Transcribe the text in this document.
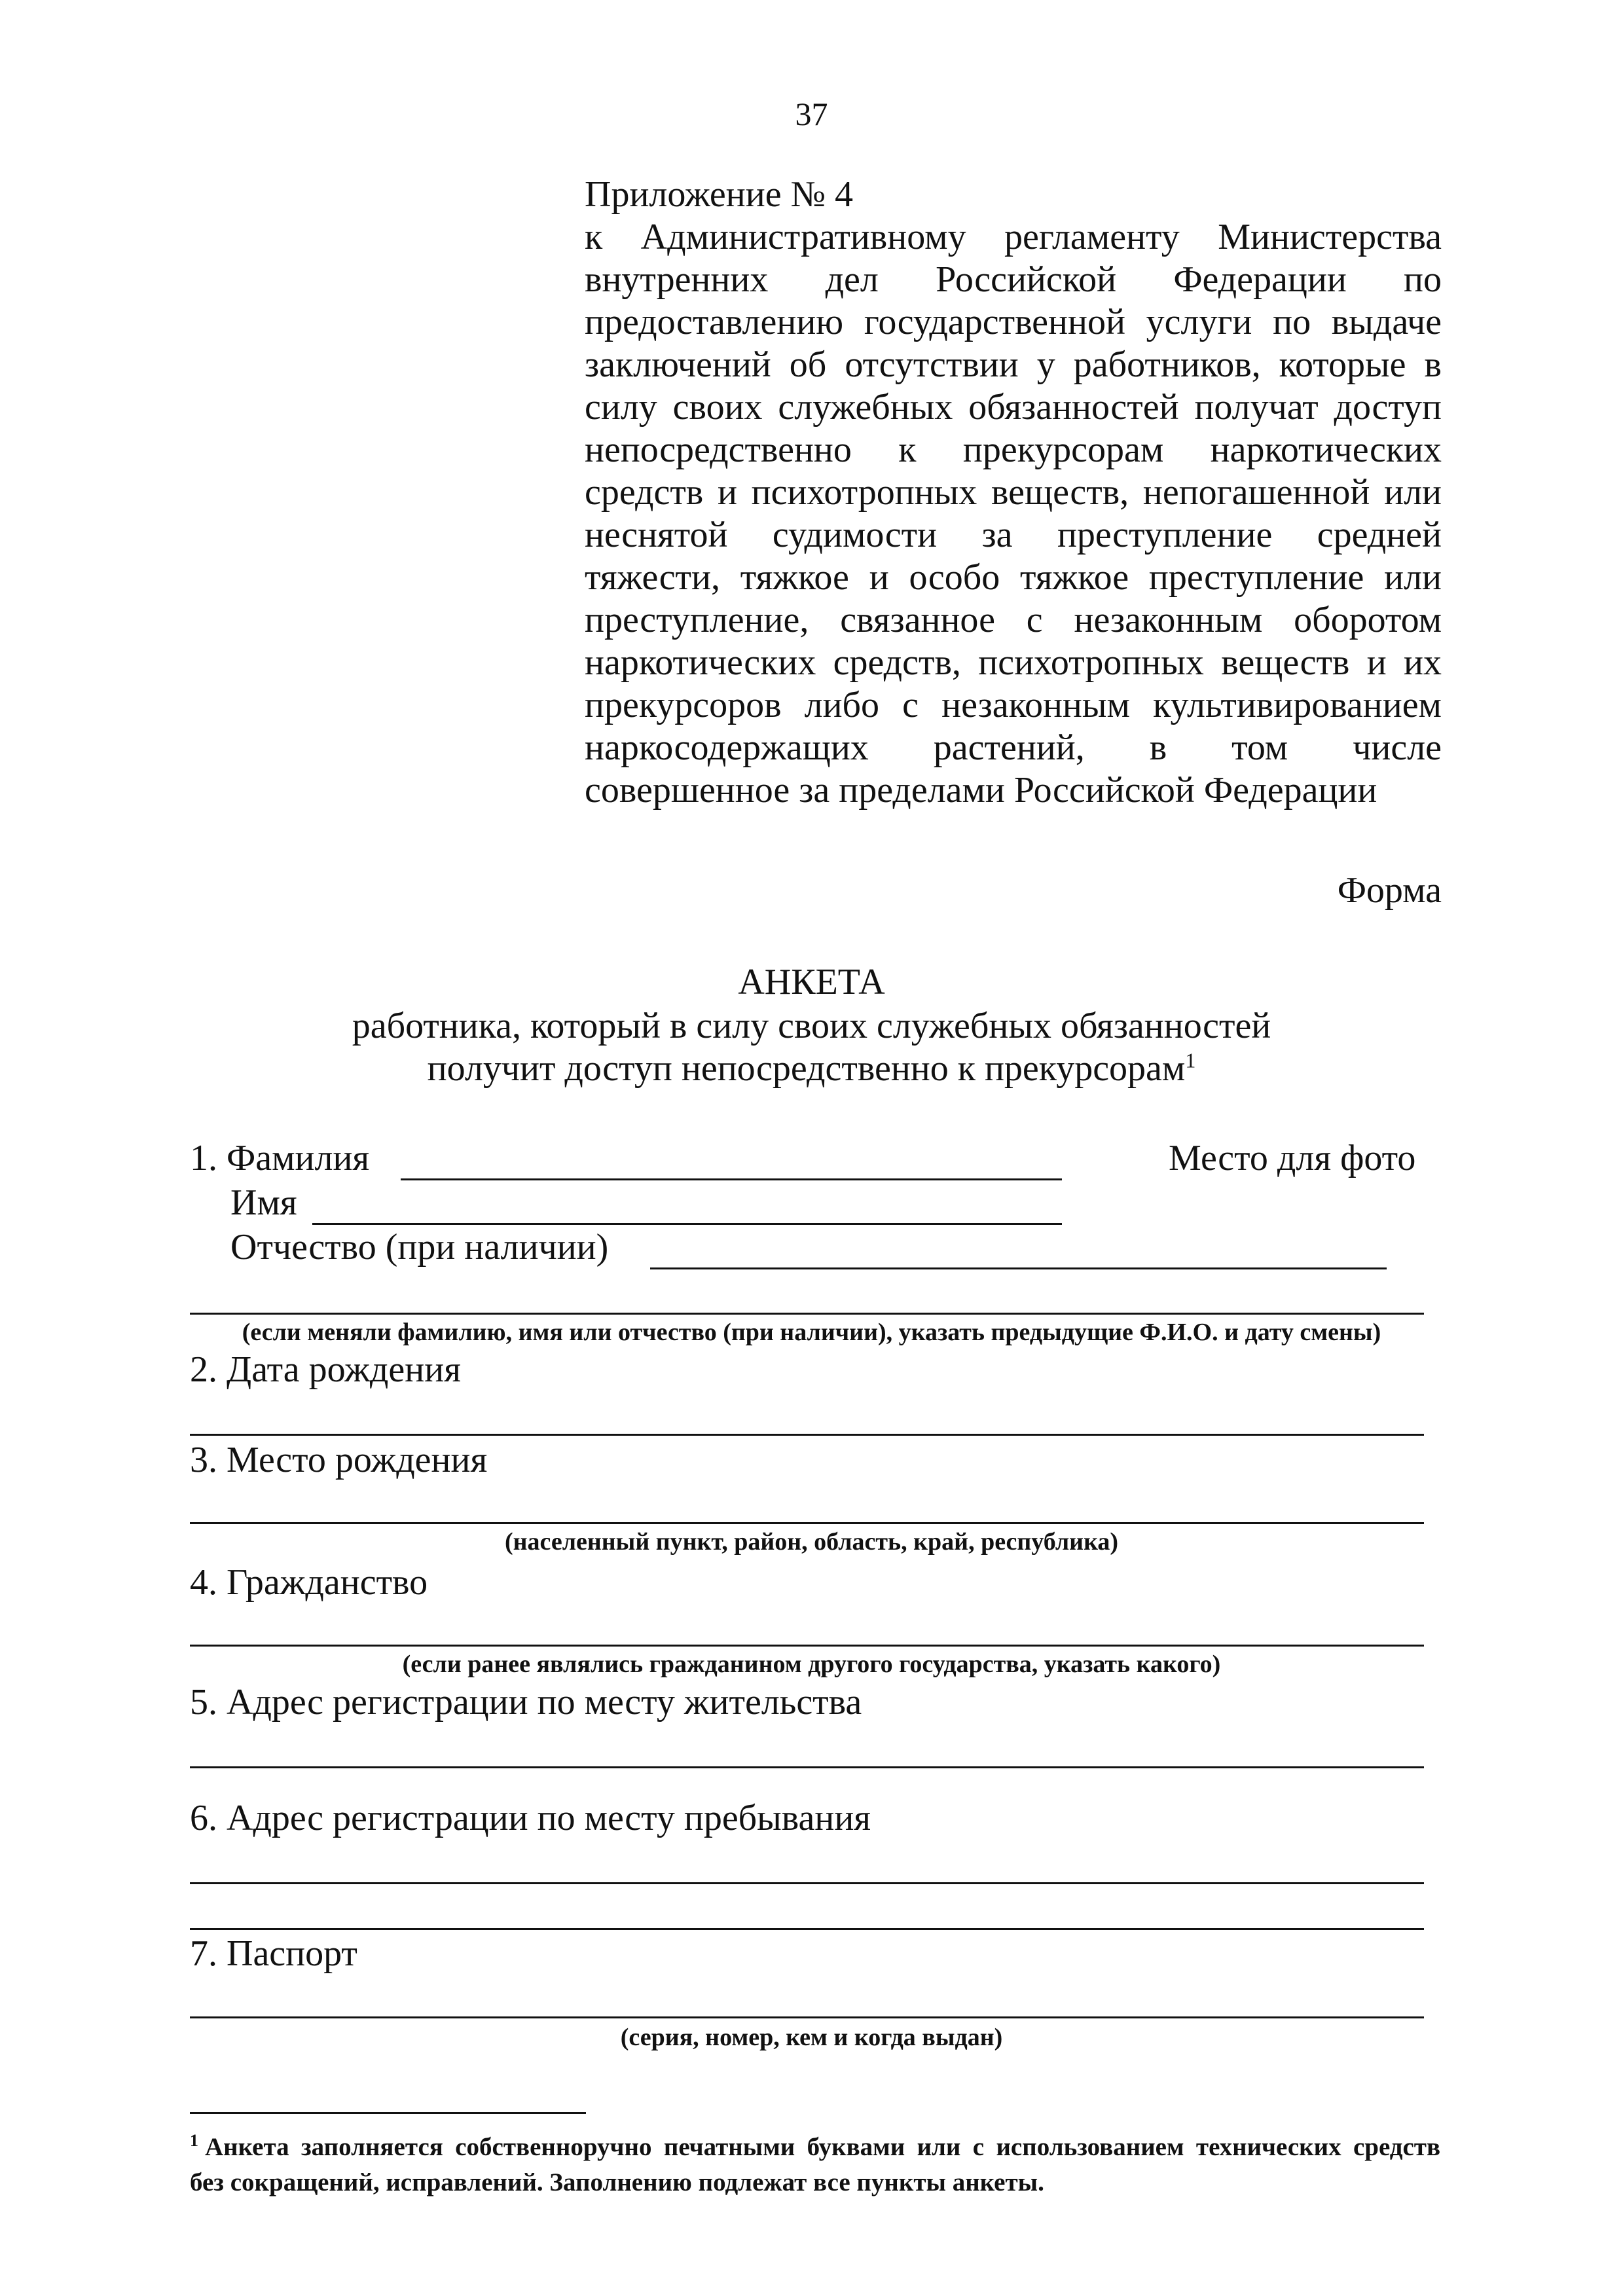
37
Приложение № 4
к Административному регламенту Министерства
внутренних дел Российской Федерации по
предоставлению государственной услуги по выдаче
заключений об отсутствии у работников, которые в
силу своих служебных обязанностей получат доступ
непосредственно к прекурсорам наркотических
средств и психотропных веществ, непогашенной или
неснятой судимости за преступление средней
тяжести, тяжкое и особо тяжкое преступление или
преступление, связанное с незаконным оборотом
наркотических средств, психотропных веществ и их
прекурсоров либо с незаконным культивированием
наркосодержащих растений, в том числе
совершенное за пределами Российской Федерации
Форма
АНКЕТА
работника, который в силу своих служебных обязанностей
получит доступ непосредственно к прекурсорам$^1$
1. Фамилия	Место для фото
Имя
Отчество (при наличии)
(если меняли фамилию, имя или отчество (при наличии), указать предыдущие Ф.И.О. и дату смены)
2. Дата рождения
3. Место рождения
(населенный пункт, район, область, край, республика)
4. Гражданство
(если ранее являлись гражданином другого государства, указать какого)
5. Адрес регистрации по месту жительства
6. Адрес регистрации по месту пребывания
7. Паспорт
(серия, номер, кем и когда выдан)
$^1$ Анкета заполняется собственноручно печатными буквами или с использованием технических средств
без сокращений, исправлений. Заполнению подлежат все пункты анкеты.
